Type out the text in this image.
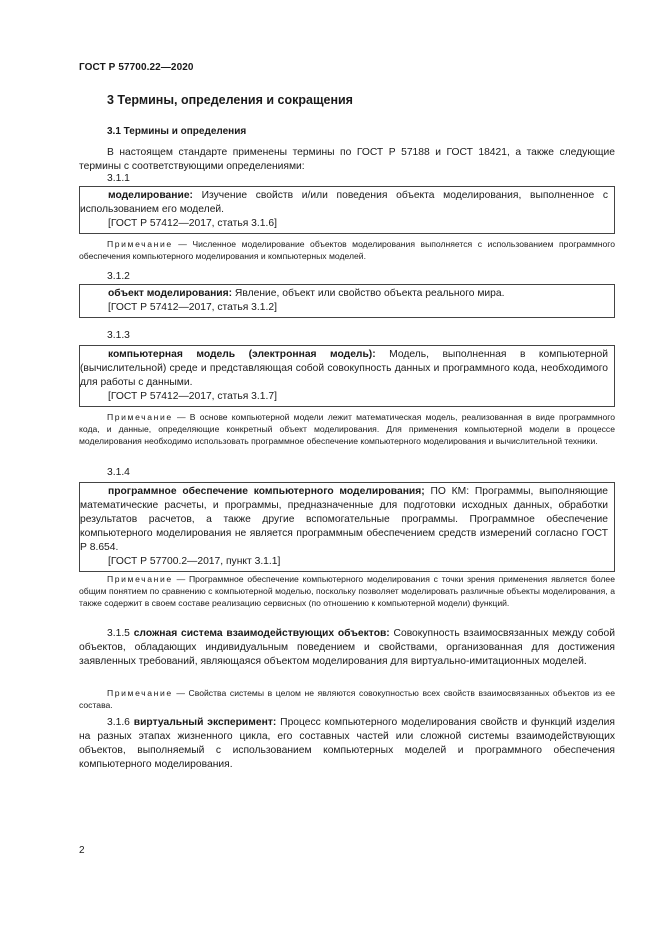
ГОСТ Р 57700.22—2020
3 Термины, определения и сокращения
3.1 Термины и определения
В настоящем стандарте применены термины по ГОСТ Р 57188 и ГОСТ 18421, а также следующие термины с соответствующими определениями:
3.1.1

моделирование: Изучение свойств и/или поведения объекта моделирования, выполненное с использованием его моделей.

[ГОСТ Р 57412—2017, статья 3.1.6]

Примечание — Численное моделирование объектов моделирования выполняется с использованием программного обеспечения компьютерного моделирования и компьютерных моделей.
3.1.2

объект моделирования: Явление, объект или свойство объекта реального мира.

[ГОСТ Р 57412—2017, статья 3.1.2]

3.1.3

компьютерная модель (электронная модель): Модель, выполненная в компьютерной (вычислительной) среде и представляющая собой совокупность данных и программного кода, необходимого для работы с данными.

[ГОСТ Р 57412—2017, статья 3.1.7]

Примечание — В основе компьютерной модели лежит математическая модель, реализованная в виде программного кода, и данные, определяющие конкретный объект моделирования. Для применения компьютерной модели в процессе моделирования необходимо использовать программное обеспечение компьютерного моделирования и вычислительной техники.
3.1.4

программное обеспечение компьютерного моделирования; ПО КМ: Программы, выполняющие математические расчеты, и программы, предназначенные для подготовки исходных данных, обработки результатов расчетов, а также другие вспомогательные программы. Программное обеспечение компьютерного моделирования не является программным обеспечением средств измерений согласно ГОСТ Р 8.654.

[ГОСТ Р 57700.2—2017, пункт 3.1.1]

Примечание — Программное обеспечение компьютерного моделирования с точки зрения применения является более общим понятием по сравнению с компьютерной моделью, поскольку позволяет моделировать различные объекты моделирования, а также содержит в своем составе реализацию сервисных (по отношению к компьютерной модели) функций.
3.1.5 сложная система взаимодействующих объектов: Совокупность взаимосвязанных между собой объектов, обладающих индивидуальным поведением и свойствами, организованная для достижения заявленных требований, являющаяся объектом моделирования для виртуально-имитационных моделей.
Примечание — Свойства системы в целом не являются совокупностью всех свойств взаимосвязанных объектов из ее состава.
3.1.6 виртуальный эксперимент: Процесс компьютерного моделирования свойств и функций изделия на разных этапах жизненного цикла, его составных частей или сложной системы взаимодействующих объектов, выполняемый с использованием компьютерных моделей и программного обеспечения компьютерного моделирования.
2
